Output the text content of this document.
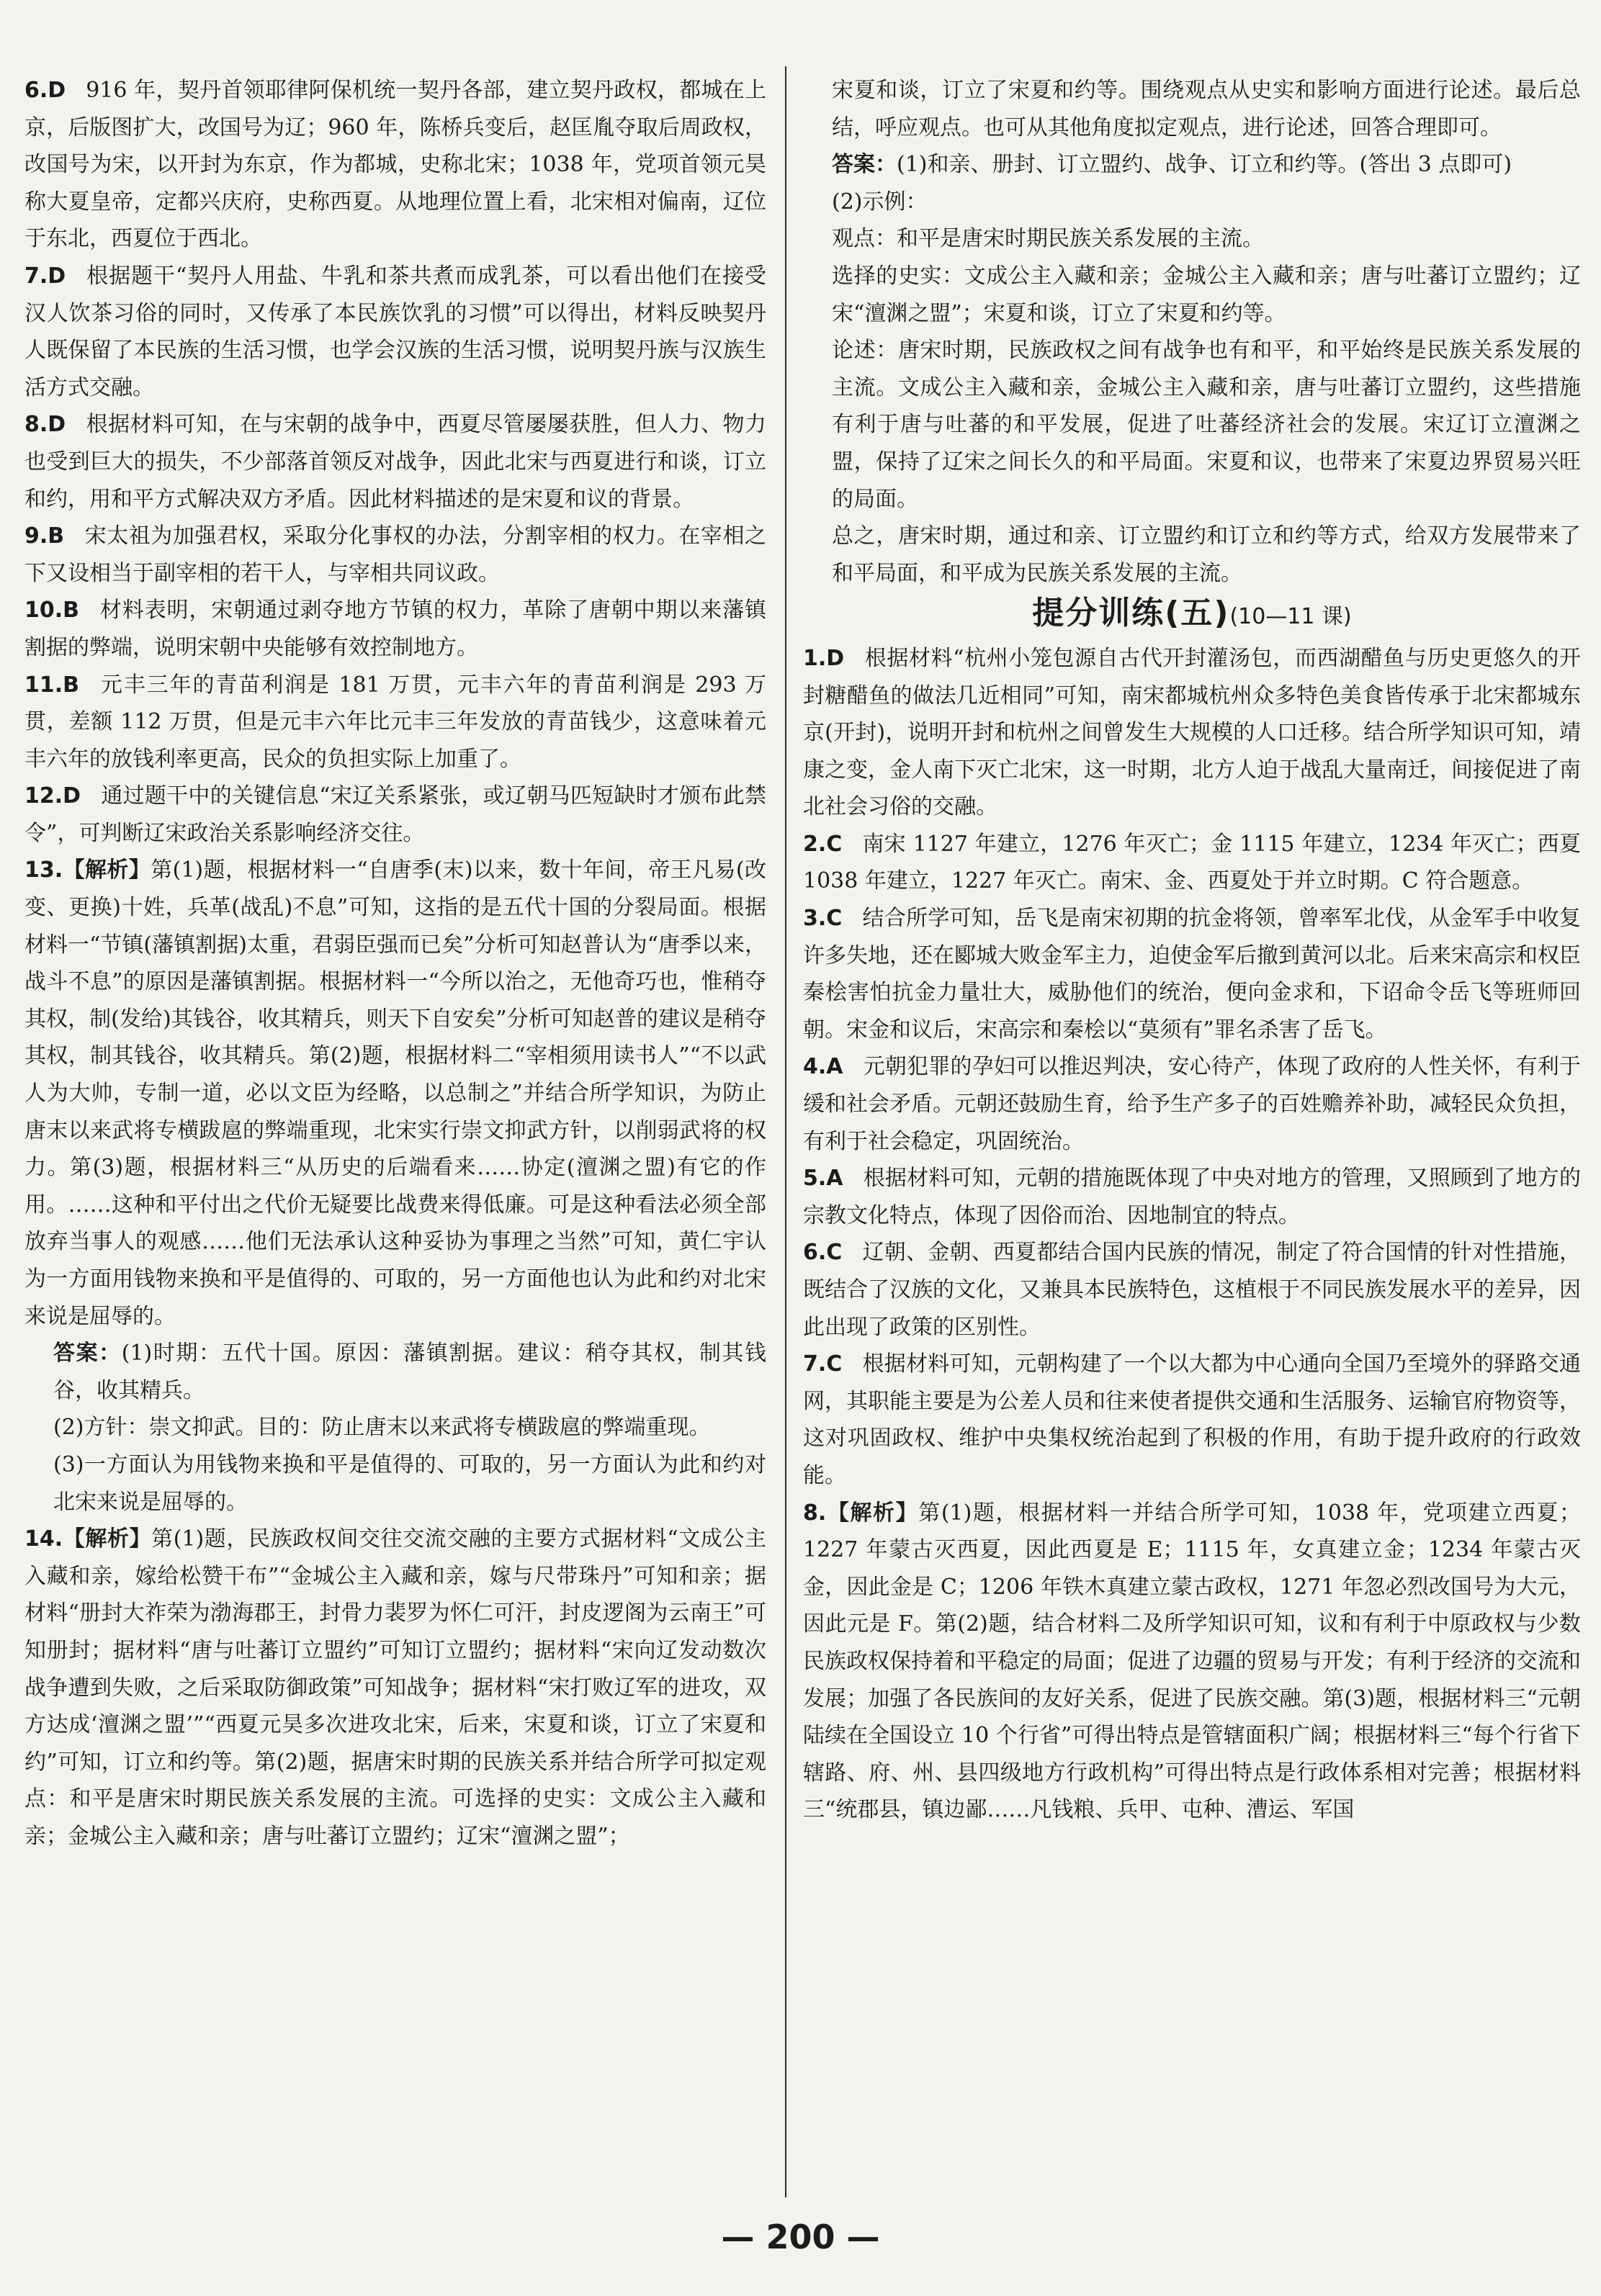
6.D 916 年，契丹首领耶律阿保机统一契丹各部，建立契丹政权，都城在上京，后版图扩大，改国号为辽；960 年，陈桥兵变后，赵匡胤夺取后周政权，改国号为宋，以开封为东京，作为都城，史称北宋；1038 年，党项首领元昊称大夏皇帝，定都兴庆府，史称西夏。从地理位置上看，北宋相对偏南，辽位于东北，西夏位于西北。

7.D 根据题干“契丹人用盐、牛乳和茶共煮而成乳茶，可以看出他们在接受汉人饮茶习俗的同时，又传承了本民族饮乳的习惯”可以得出，材料反映契丹人既保留了本民族的生活习惯，也学会汉族的生活习惯，说明契丹族与汉族生活方式交融。

8.D 根据材料可知，在与宋朝的战争中，西夏尽管屡屡获胜，但人力、物力也受到巨大的损失，不少部落首领反对战争，因此北宋与西夏进行和谈，订立和约，用和平方式解决双方矛盾。因此材料描述的是宋夏和议的背景。

9.B 宋太祖为加强君权，采取分化事权的办法，分割宰相的权力。在宰相之下又设相当于副宰相的若干人，与宰相共同议政。

10.B 材料表明，宋朝通过剥夺地方节镇的权力，革除了唐朝中期以来藩镇割据的弊端，说明宋朝中央能够有效控制地方。

11.B 元丰三年的青苗利润是 181 万贯，元丰六年的青苗利润是 293 万贯，差额 112 万贯，但是元丰六年比元丰三年发放的青苗钱少，这意味着元丰六年的放钱利率更高，民众的负担实际上加重了。

12.D 通过题干中的关键信息“宋辽关系紧张，或辽朝马匹短缺时才颁布此禁令”，可判断辽宋政治关系影响经济交往。

13.【解析】第(1)题，根据材料一“自唐季(末)以来，数十年间，帝王凡易(改变、更换)十姓，兵革(战乱)不息”可知，这指的是五代十国的分裂局面。根据材料一“节镇(藩镇割据)太重，君弱臣强而已矣”分析可知赵普认为“唐季以来，战斗不息”的原因是藩镇割据。根据材料一“今所以治之，无他奇巧也，惟稍夺其权，制(发给)其钱谷，收其精兵，则天下自安矣”分析可知赵普的建议是稍夺其权，制其钱谷，收其精兵。第(2)题，根据材料二“宰相须用读书人”“不以武人为大帅，专制一道，必以文臣为经略，以总制之”并结合所学知识，为防止唐末以来武将专横跋扈的弊端重现，北宋实行崇文抑武方针，以削弱武将的权力。第(3)题，根据材料三“从历史的后端看来……协定(澶渊之盟)有它的作用。……这种和平付出之代价无疑要比战费来得低廉。可是这种看法必须全部放弃当事人的观感……他们无法承认这种妥协为事理之当然”可知，黄仁宇认为一方面用钱物来换和平是值得的、可取的，另一方面他也认为此和约对北宋来说是屈辱的。

答案：(1)时期：五代十国。原因：藩镇割据。建议：稍夺其权，制其钱谷，收其精兵。

(2)方针：崇文抑武。目的：防止唐末以来武将专横跋扈的弊端重现。

(3)一方面认为用钱物来换和平是值得的、可取的，另一方面认为此和约对北宋来说是屈辱的。

14.【解析】第(1)题，民族政权间交往交流交融的主要方式据材料“文成公主入藏和亲，嫁给松赞干布”“金城公主入藏和亲，嫁与尺带珠丹”可知和亲；据材料“册封大祚荣为渤海郡王，封骨力裴罗为怀仁可汗，封皮逻阁为云南王”可知册封；据材料“唐与吐蕃订立盟约”可知订立盟约；据材料“宋向辽发动数次战争遭到失败，之后采取防御政策”可知战争；据材料“宋打败辽军的进攻，双方达成‘澶渊之盟’”“西夏元昊多次进攻北宋，后来，宋夏和谈，订立了宋夏和约”可知，订立和约等。第(2)题，据唐宋时期的民族关系并结合所学可拟定观点：和平是唐宋时期民族关系发展的主流。可选择的史实：文成公主入藏和亲；金城公主入藏和亲；唐与吐蕃订立盟约；辽宋“澶渊之盟”；

宋夏和谈，订立了宋夏和约等。围绕观点从史实和影响方面进行论述。最后总结，呼应观点。也可从其他角度拟定观点，进行论述，回答合理即可。

答案：(1)和亲、册封、订立盟约、战争、订立和约等。(答出 3 点即可)

(2)示例：

观点：和平是唐宋时期民族关系发展的主流。

选择的史实：文成公主入藏和亲；金城公主入藏和亲；唐与吐蕃订立盟约；辽宋“澶渊之盟”；宋夏和谈，订立了宋夏和约等。

论述：唐宋时期，民族政权之间有战争也有和平，和平始终是民族关系发展的主流。文成公主入藏和亲，金城公主入藏和亲，唐与吐蕃订立盟约，这些措施有利于唐与吐蕃的和平发展，促进了吐蕃经济社会的发展。宋辽订立澶渊之盟，保持了辽宋之间长久的和平局面。宋夏和议，也带来了宋夏边界贸易兴旺的局面。

总之，唐宋时期，通过和亲、订立盟约和订立和约等方式，给双方发展带来了和平局面，和平成为民族关系发展的主流。

提分训练(五)(10—11 课)

1.D 根据材料“杭州小笼包源自古代开封灌汤包，而西湖醋鱼与历史更悠久的开封糖醋鱼的做法几近相同”可知，南宋都城杭州众多特色美食皆传承于北宋都城东京(开封)，说明开封和杭州之间曾发生大规模的人口迁移。结合所学知识可知，靖康之变，金人南下灭亡北宋，这一时期，北方人迫于战乱大量南迁，间接促进了南北社会习俗的交融。

2.C 南宋 1127 年建立，1276 年灭亡；金 1115 年建立，1234 年灭亡；西夏 1038 年建立，1227 年灭亡。南宋、金、西夏处于并立时期。C 符合题意。

3.C 结合所学可知，岳飞是南宋初期的抗金将领，曾率军北伐，从金军手中收复许多失地，还在郾城大败金军主力，迫使金军后撤到黄河以北。后来宋高宗和权臣秦桧害怕抗金力量壮大，威胁他们的统治，便向金求和，下诏命令岳飞等班师回朝。宋金和议后，宋高宗和秦桧以“莫须有”罪名杀害了岳飞。

4.A 元朝犯罪的孕妇可以推迟判决，安心待产，体现了政府的人性关怀，有利于缓和社会矛盾。元朝还鼓励生育，给予生产多子的百姓赡养补助，减轻民众负担，有利于社会稳定，巩固统治。

5.A 根据材料可知，元朝的措施既体现了中央对地方的管理，又照顾到了地方的宗教文化特点，体现了因俗而治、因地制宜的特点。

6.C 辽朝、金朝、西夏都结合国内民族的情况，制定了符合国情的针对性措施，既结合了汉族的文化，又兼具本民族特色，这植根于不同民族发展水平的差异，因此出现了政策的区别性。

7.C 根据材料可知，元朝构建了一个以大都为中心通向全国乃至境外的驿路交通网，其职能主要是为公差人员和往来使者提供交通和生活服务、运输官府物资等，这对巩固政权、维护中央集权统治起到了积极的作用，有助于提升政府的行政效能。

8.【解析】第(1)题，根据材料一并结合所学可知，1038 年，党项建立西夏；1227 年蒙古灭西夏，因此西夏是 E；1115 年，女真建立金；1234 年蒙古灭金，因此金是 C；1206 年铁木真建立蒙古政权，1271 年忽必烈改国号为大元，因此元是 F。第(2)题，结合材料二及所学知识可知，议和有利于中原政权与少数民族政权保持着和平稳定的局面；促进了边疆的贸易与开发；有利于经济的交流和发展；加强了各民族间的友好关系，促进了民族交融。第(3)题，根据材料三“元朝陆续在全国设立 10 个行省”可得出特点是管辖面积广阔；根据材料三“每个行省下辖路、府、州、县四级地方行政机构”可得出特点是行政体系相对完善；根据材料三“统郡县，镇边鄙……凡钱粮、兵甲、屯种、漕运、军国

— 200 —
